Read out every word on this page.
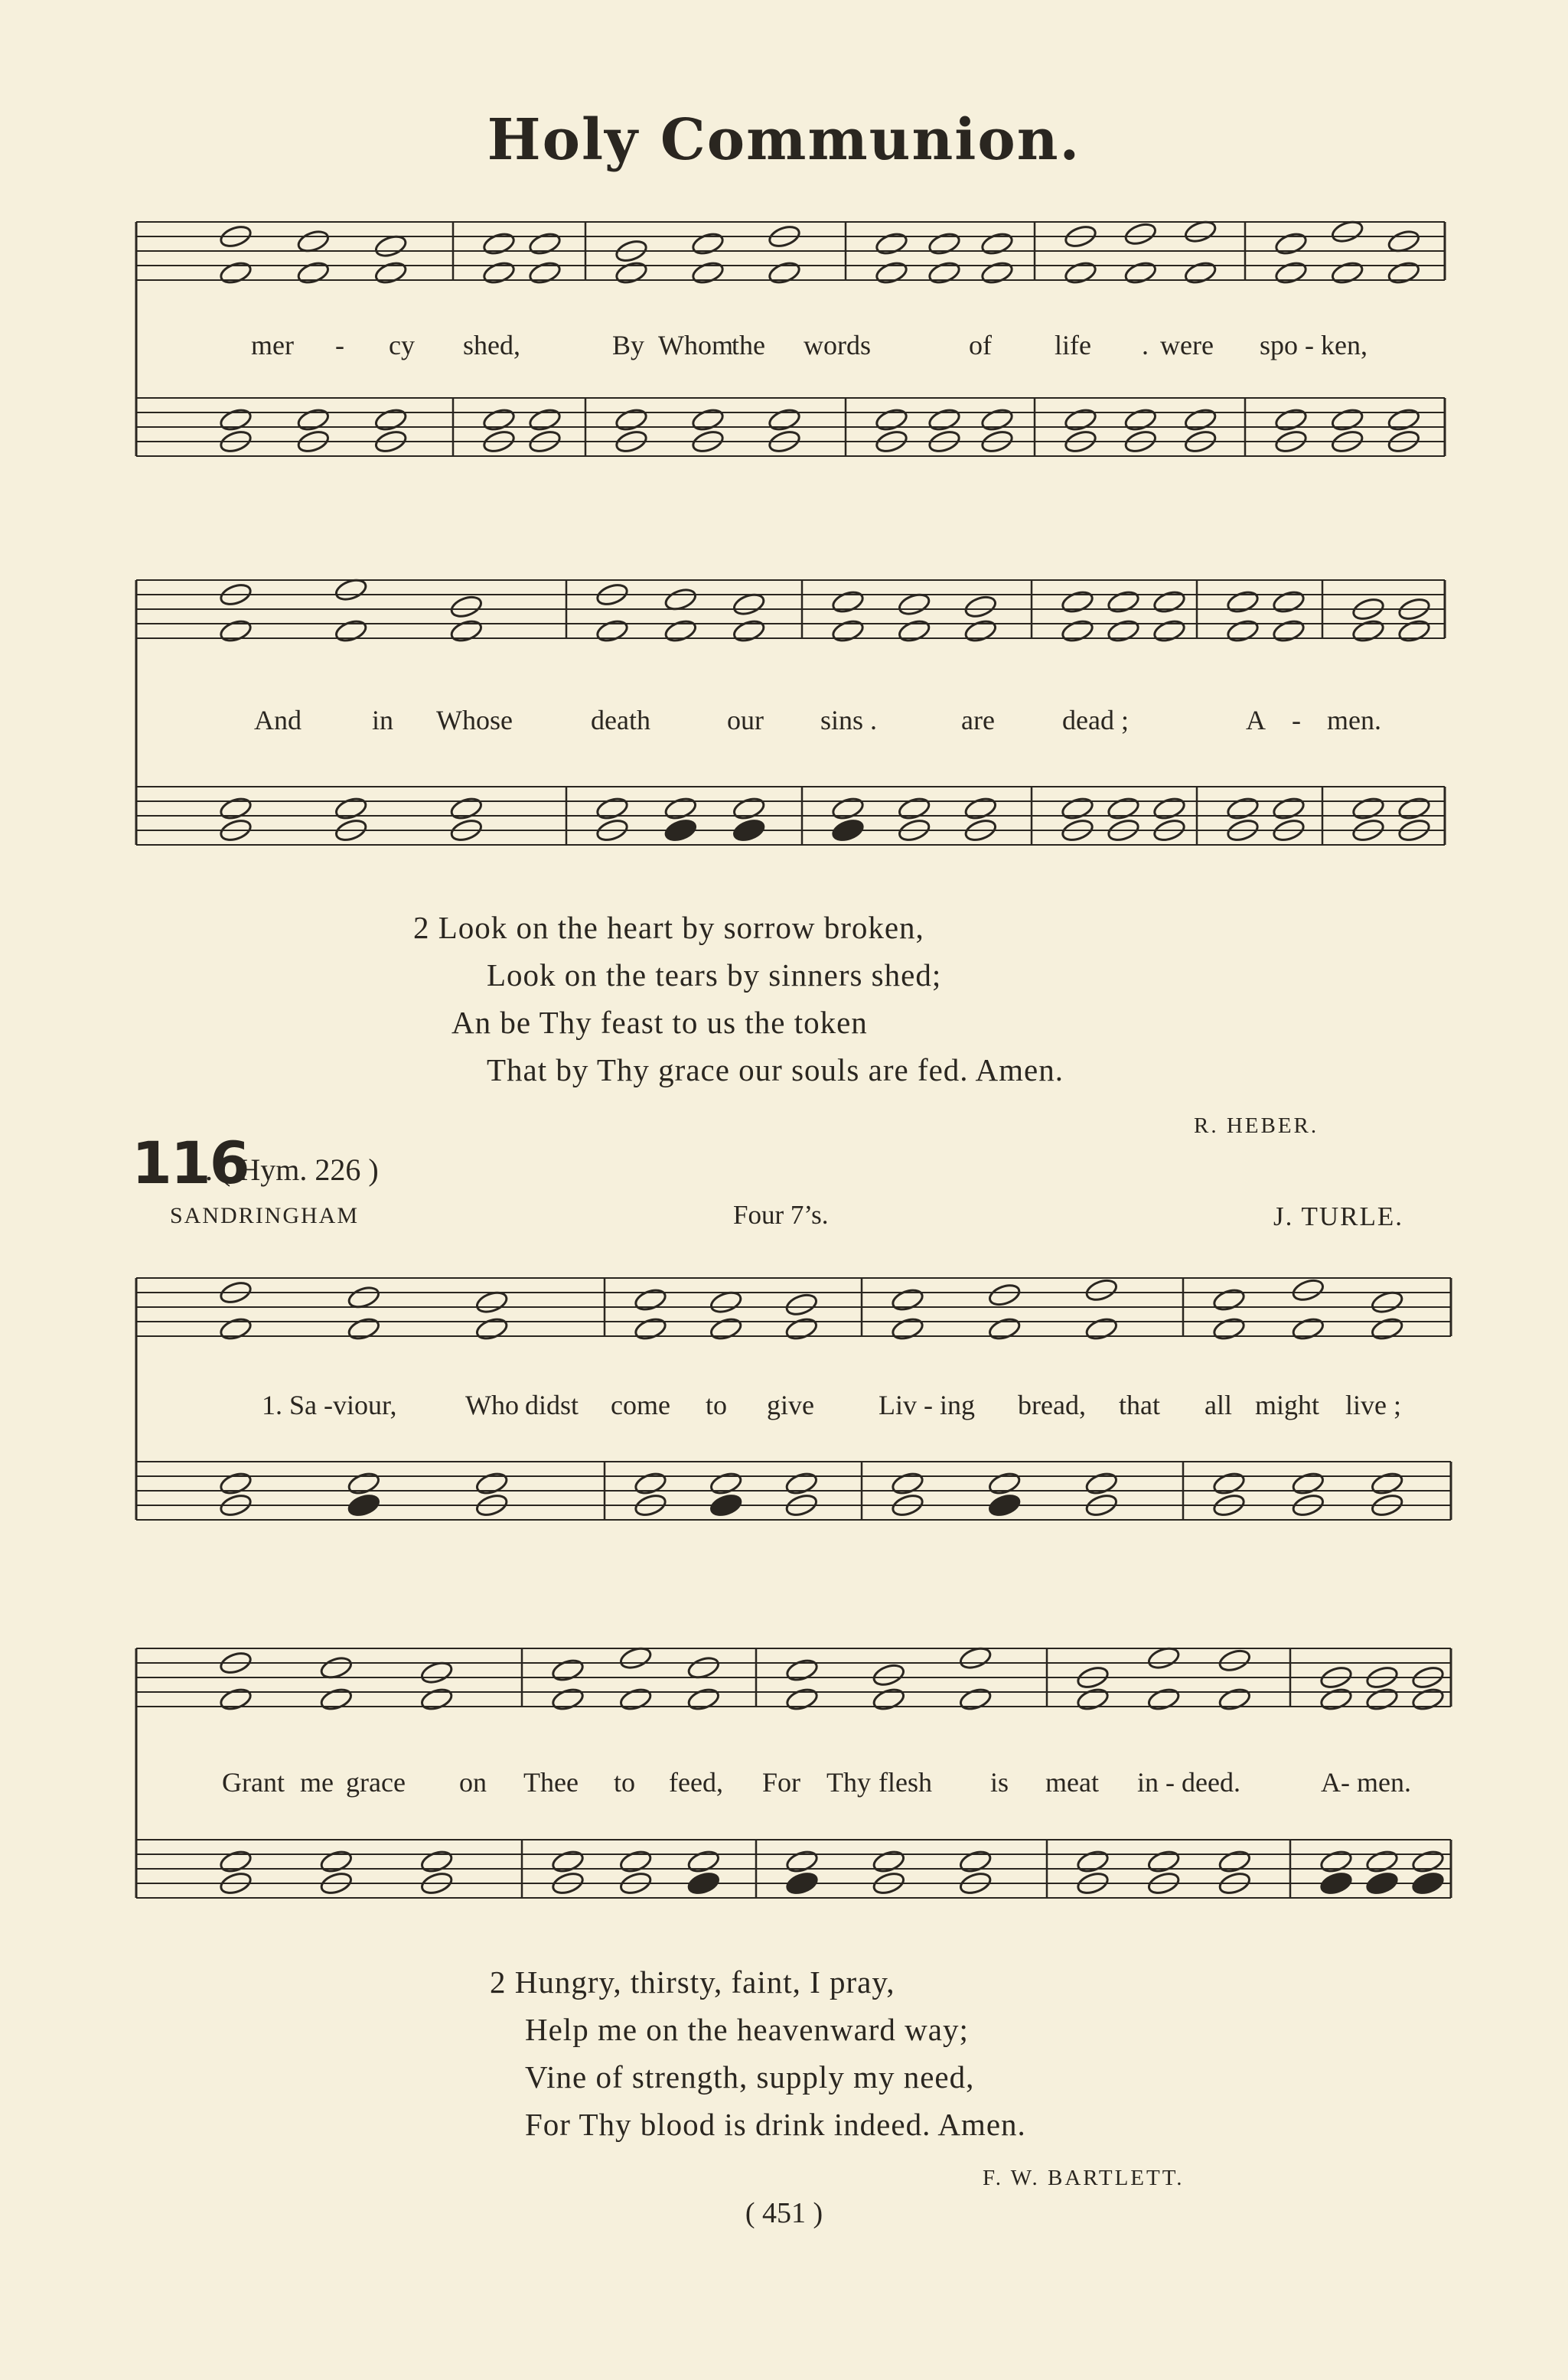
Holy Communion.
mer - cy shed,	By Whom
the words	of life . were spo - ken,
And	in Whose	death	our sins .	are dead ;	A - men.
2 Look on the heart by sorrow broken,
Look on the tears by sinners shed;
An be Thy feast to us the token
That by Thy grace our souls are fed. Amen.
R. HEBER.
116
. ( Hym. 226 )
SANDRINGHAM	Four 7’s.	J. TURLE.
1. Sa -viour, Who didst come to give Liv - ing bread, that all might live ;
Grant me grace on Thee to feed, For Thy flesh is meat in - deed.	A- men.
2 Hungry, thirsty, faint, I pray,
Help me on the heavenward way;
Vine of strength, supply my need,
For Thy blood is drink indeed. Amen.
F. W. BARTLETT.
( 451 )
